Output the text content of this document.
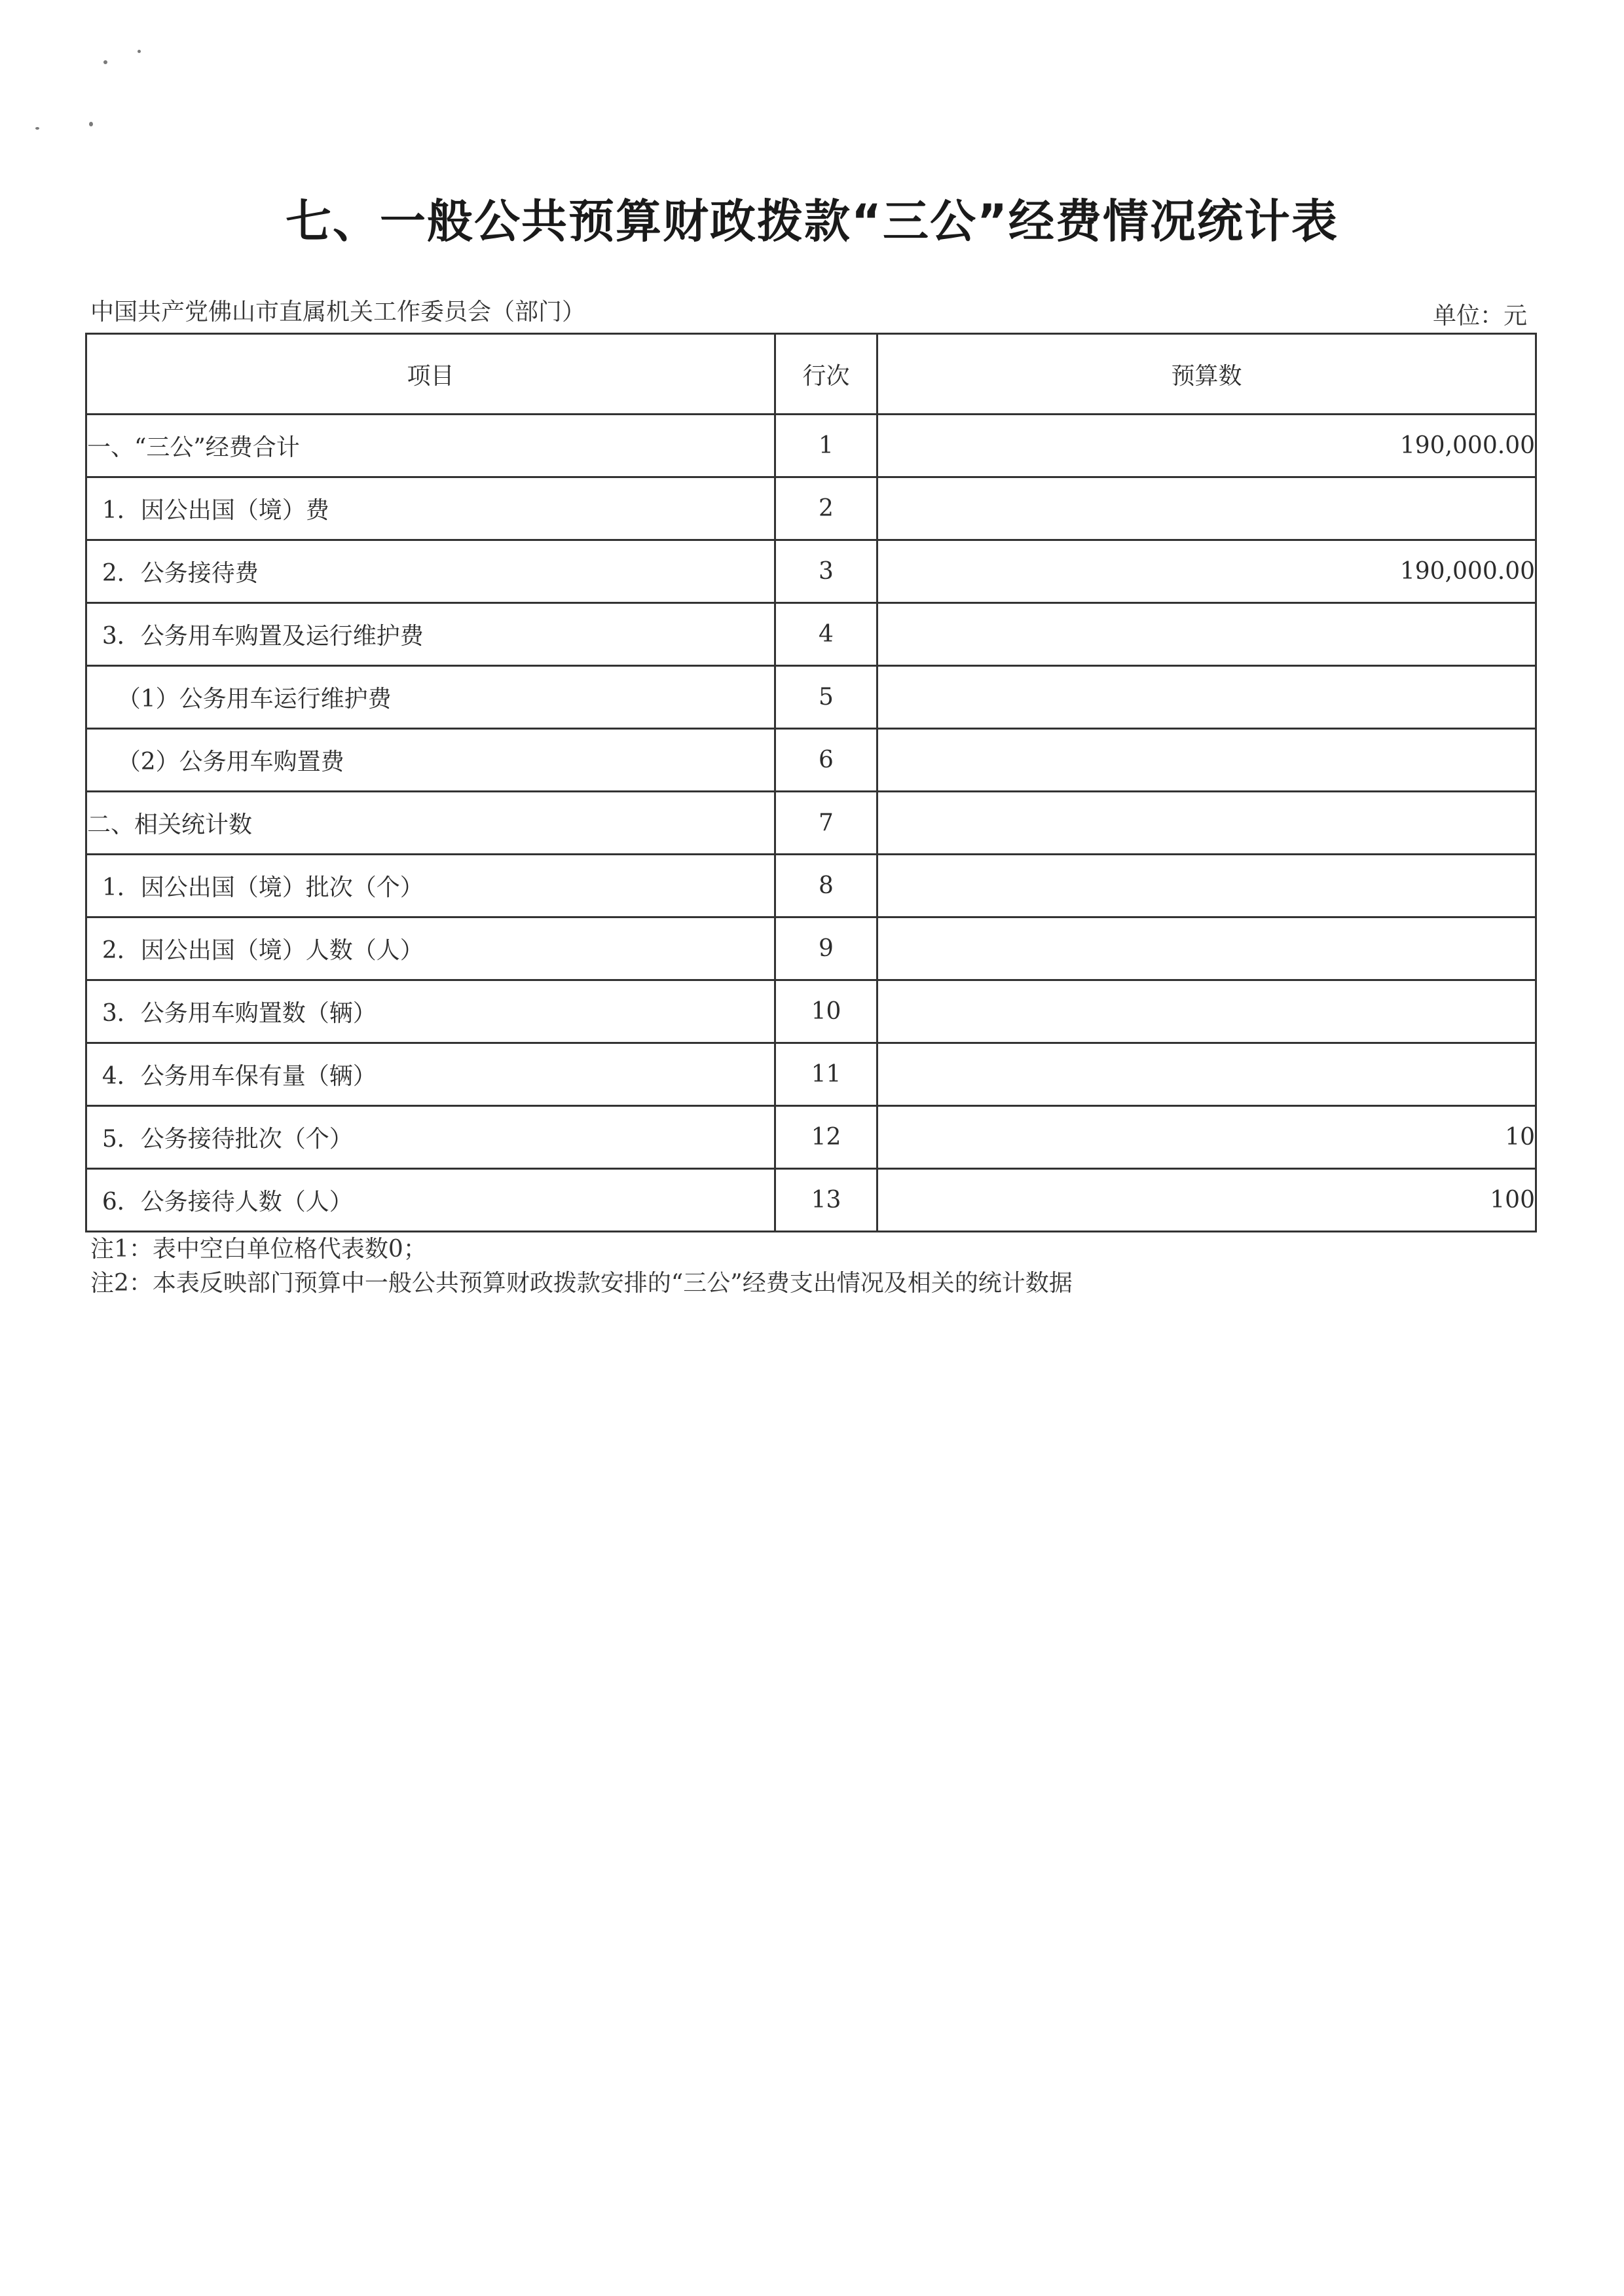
七、一般公共预算财政拨款“三公”经费情况统计表
中国共产党佛山市直属机关工作委员会（部门）	单位：元
项目	行次	预算数
一、“三公”经费合计	1	190,000.00
1．因公出国（境）费	2	
2．公务接待费	3	190,000.00
3．公务用车购置及运行维护费	4	
（1）公务用车运行维护费	5	
（2）公务用车购置费	6	
二、相关统计数	7	
1．因公出国（境）批次（个）	8	
2．因公出国（境）人数（人）	9	
3．公务用车购置数（辆）	10	
4．公务用车保有量（辆）	11	
5．公务接待批次（个）	12	10
6．公务接待人数（人）	13	100
注1：表中空白单位格代表数0；
注2：本表反映部门预算中一般公共预算财政拨款安排的“三公”经费支出情况及相关的统计数据
